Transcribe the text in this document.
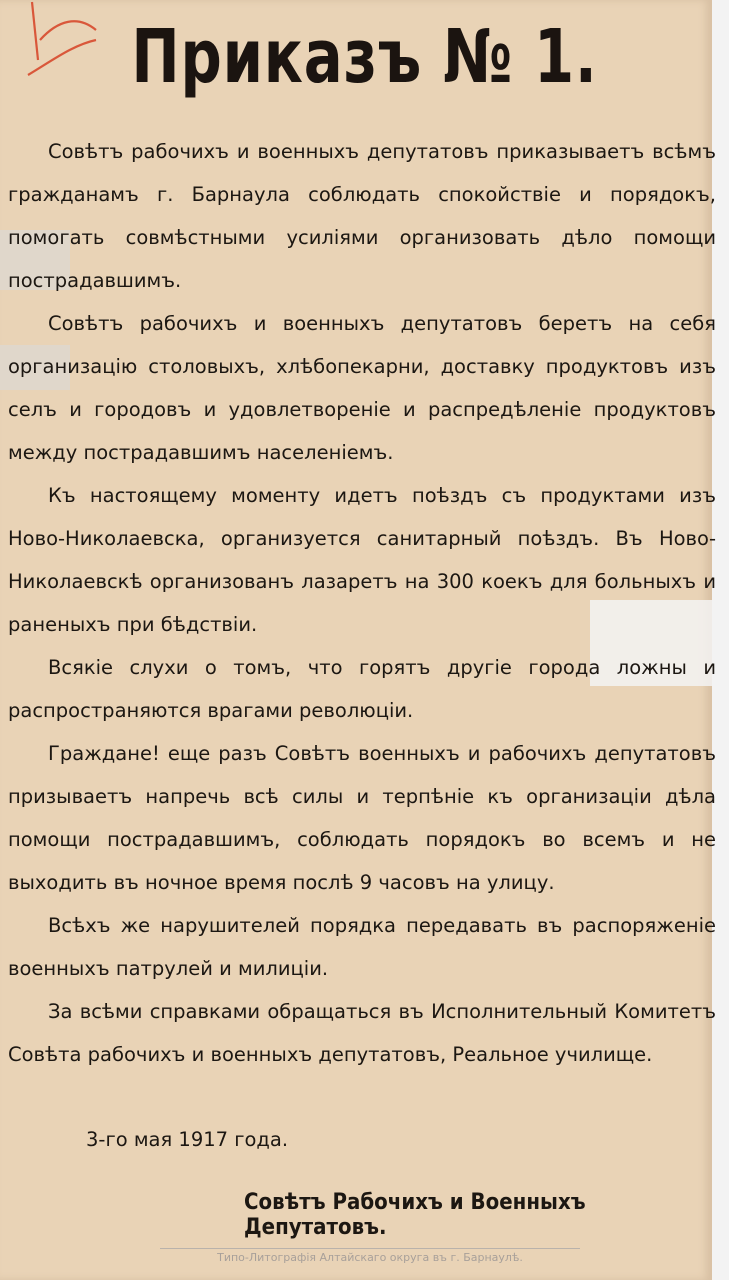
Приказъ № 1.

Совѣтъ рабочихъ и военныхъ депутатовъ приказываетъ всѣмъ гражданамъ г. Барнаула соблюдать спокойствіе и порядокъ, помогать совмѣстными усиліями организовать дѣло помощи пострадавшимъ.

Совѣтъ рабочихъ и военныхъ депутатовъ беретъ на себя организацію столовыхъ, хлѣбопекарни, доставку продуктовъ изъ селъ и городовъ и удовлетвореніе и распредѣленіе продуктовъ между пострадавшимъ населеніемъ.

Къ настоящему моменту идетъ поѣздъ съ продуктами изъ Ново-Николаевска, организуется санитарный поѣздъ. Въ Ново-Николаевскѣ организованъ лазаретъ на 300 коекъ для больныхъ и раненыхъ при бѣдствіи.

Всякіе слухи о томъ, что горятъ другіе города ложны и распространяются врагами революціи.

Граждане! еще разъ Совѣтъ военныхъ и рабочихъ депутатовъ призываетъ напречь всѣ силы и терпѣніе къ организаціи дѣла помощи пострадавшимъ, соблюдать порядокъ во всемъ и не выходить въ ночное время послѣ 9 часовъ на улицу.

Всѣхъ же нарушителей порядка передавать въ распоряженіе военныхъ патрулей и милиціи.

За всѣми справками обращаться въ Исполнительный Комитетъ Совѣта рабочихъ и военныхъ депутатовъ, Реальное училище.

3-го мая 1917 года.
Совѣтъ Рабочихъ и Военныхъ Депутатовъ.
Типо-Литографія Алтайскаго округа въ г. Барнаулѣ.
